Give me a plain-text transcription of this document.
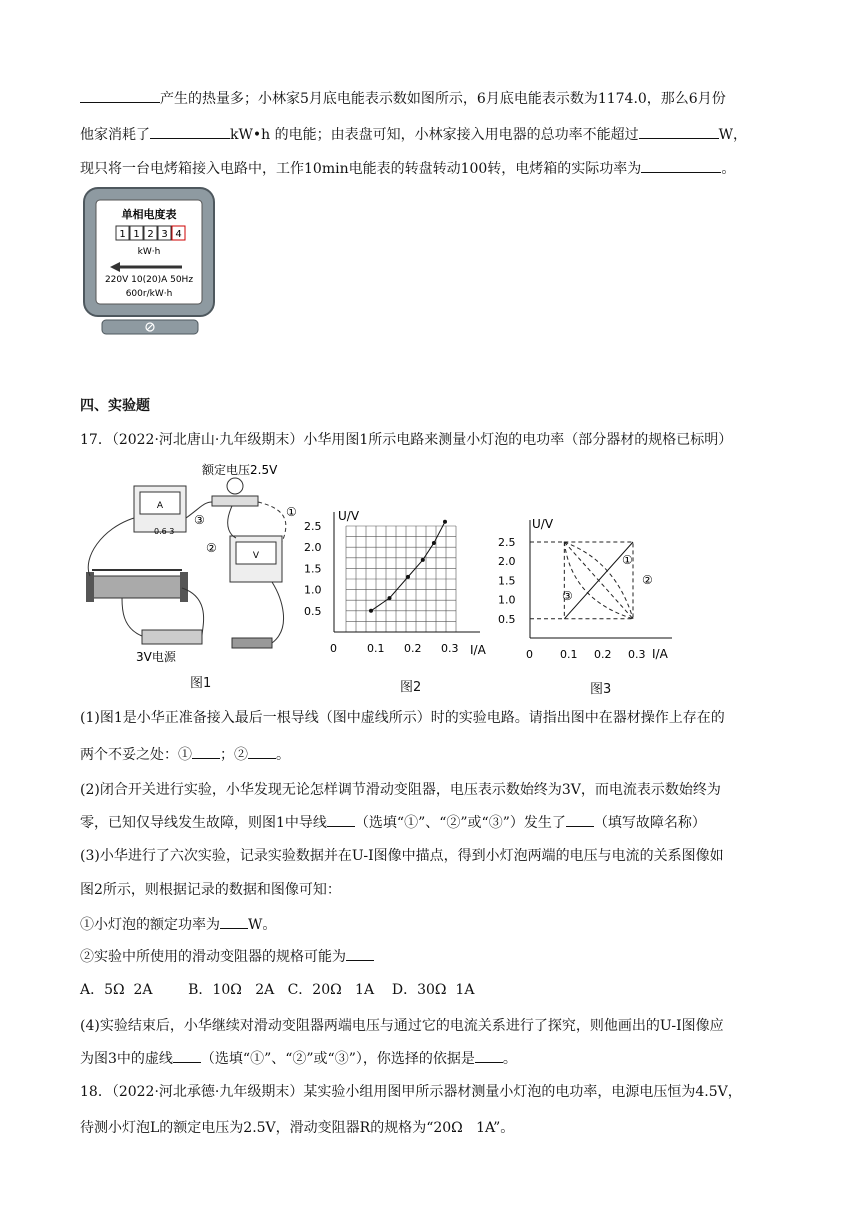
产生的热量多；小林家5月底电能表示数如图所示，6月底电能表示数为1174.0，那么6月份
他家消耗了	kW•h 的电能；由表盘可知，小林家接入用电器的总功率不能超过	W，
现只将一台电烤箱接入电路中，工作10min电能表的转盘转动100转，电烤箱的实际功率为	。
单相电度表
1 1 2 3 4
kW·h
220V 10(20)A 50Hz
600r/kW·h
四、实验题
17．（2022·河北唐山·九年级期末）小华用图1所示电路来测量小灯泡的电功率（部分器材的规格已标明）
额定电压2.5V
A
0.6 3
V
3V电源
③
①
②
图1
U/V
I/A
2.5
2.0
1.5
1.0
0.5
0	0.1 0.2 0.3
图2
U/V
I/A
2.5
2.0
1.5
1.0
0.5
0 0.1 0.2 0.3
①
②
③
图3
(1)图1是小华正准备接入最后一根导线（图中虚线所示）时的实验电路。请指出图中在器材操作上存在的
两个不妥之处：① ；② 。
(2)闭合开关进行实验，小华发现无论怎样调节滑动变阻器，电压表示数始终为3V，而电流表示数始终为
零，已知仅导线发生故障，则图1中导线 （选填“①”、“②”或“③”）发生了 （填写故障名称）
(3)小华进行了六次实验，记录实验数据并在U-I图像中描点，得到小灯泡两端的电压与电流的关系图像如
图2所示，则根据记录的数据和图像可知：
①小灯泡的额定功率为 W。
②实验中所使用的滑动变阻器的规格可能为
A．5Ω  2A        B．10Ω   2A   C．20Ω   1A    D．30Ω  1A
(4)实验结束后，小华继续对滑动变阻器两端电压与通过它的电流关系进行了探究，则他画出的U-I图像应
为图3中的虚线 （选填“①”、“②”或“③”），你选择的依据是 。
18．（2022·河北承德·九年级期末）某实验小组用图甲所示器材测量小灯泡的电功率，电源电压恒为4.5V，
待测小灯泡L的额定电压为2.5V，滑动变阻器R的规格为“20Ω   1A”。
